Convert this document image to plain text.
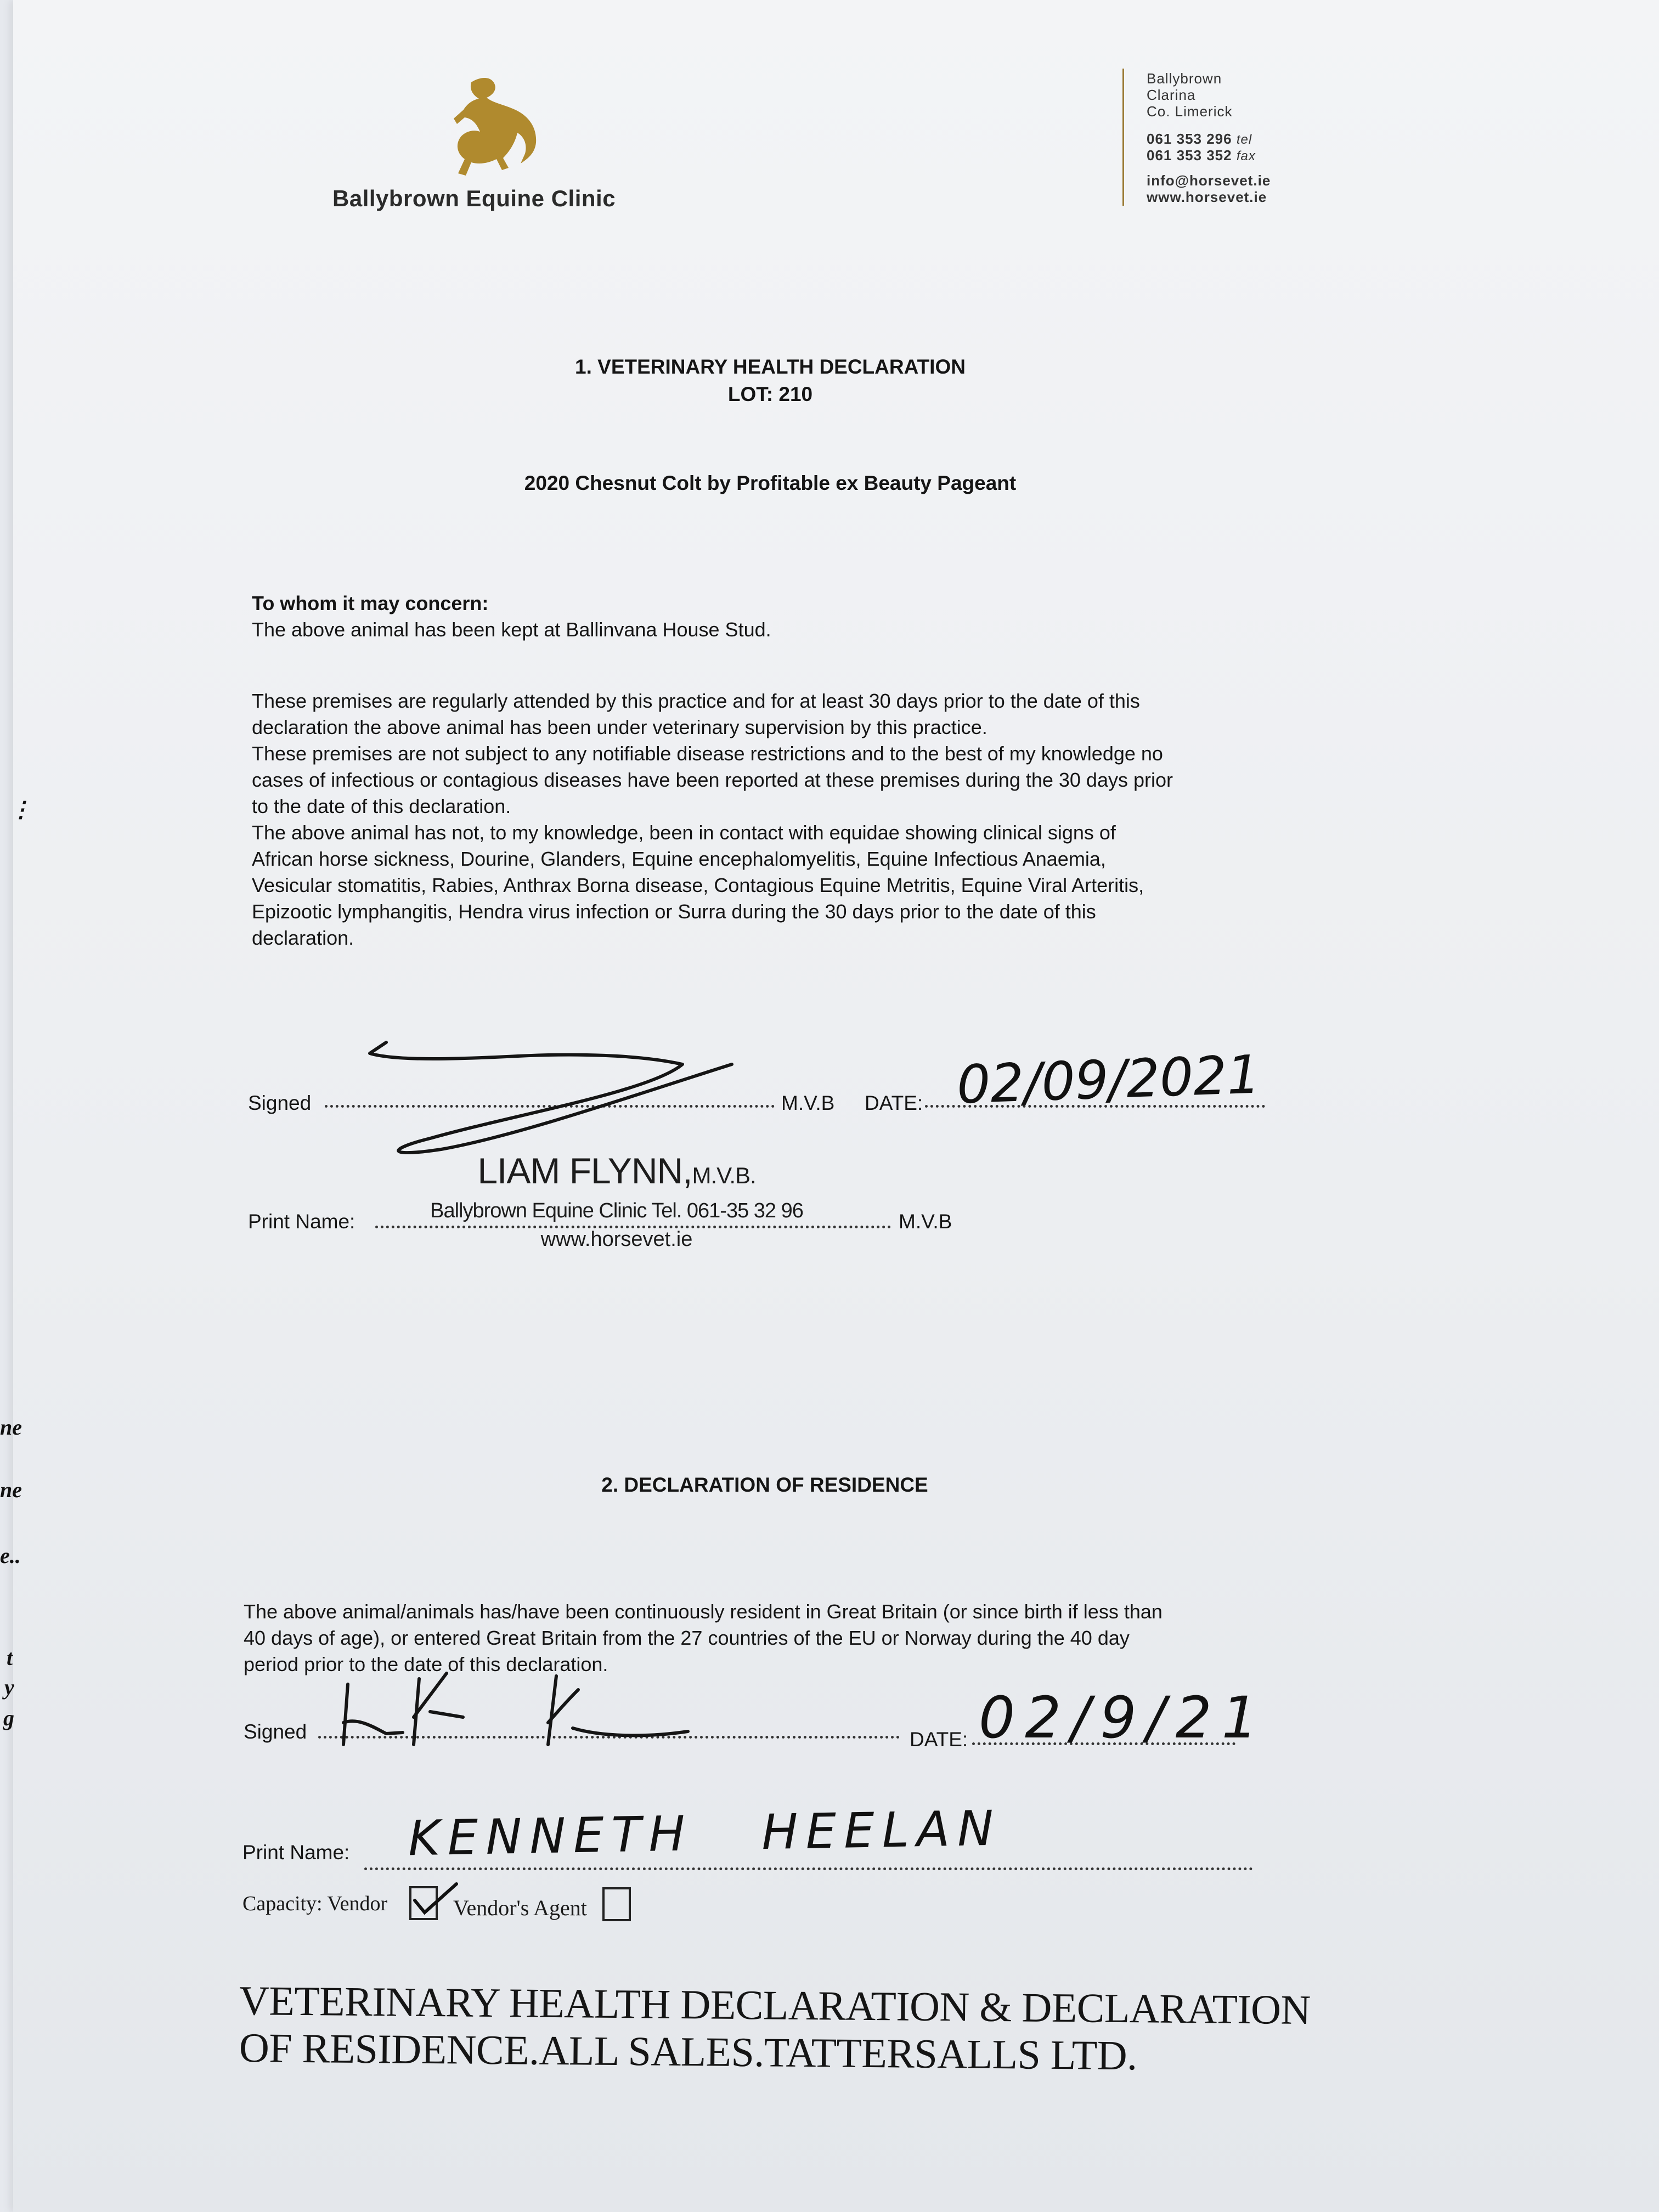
Ballybrown Equine Clinic
Ballybrown
Clarina
Co. Limerick
061 353 296 tel
061 353 352 fax
info@horsevet.ie
www.horsevet.ie
1. VETERINARY HEALTH DECLARATION
LOT: 210
2020 Chesnut Colt by Profitable ex Beauty Pageant
To whom it may concern:
The above animal has been kept at Ballinvana House Stud.
These premises are regularly attended by this practice and for at least 30 days prior to the date of this
declaration the above animal has been under veterinary supervision by this practice.
These premises are not subject to any notifiable disease restrictions and to the best of my knowledge no
cases of infectious or contagious diseases have been reported at these premises during the 30 days prior
to the date of this declaration.
The above animal has not, to my knowledge, been in contact with equidae showing clinical signs of
African horse sickness, Dourine, Glanders, Equine encephalomyelitis, Equine Infectious Anaemia,
Vesicular stomatitis, Rabies, Anthrax Borna disease, Contagious Equine Metritis, Equine Viral Arteritis,
Epizootic lymphangitis, Hendra virus infection or Surra during the 30 days prior to the date of this
declaration.
Signed	M.V.B DATE: 02/09/2021
LIAM FLYNN,M.V.B.
Ballybrown Equine Clinic Tel. 061-35 32 96
www.horsevet.ie
Print Name:	M.V.B
2. DECLARATION OF RESIDENCE
The above animal/animals has/have been continuously resident in Great Britain (or since birth if less than
40 days of age), or entered Great Britain from the 27 countries of the EU or Norway during the 40 day
period prior to the date of this declaration.
Signed	DATE: 02/9/21
Print Name: KENNETH   HEELAN
Capacity: Vendor	Vendor's Agent
VETERINARY HEALTH DECLARATION & DECLARATION
OF RESIDENCE.ALL SALES.TATTERSALLS LTD.
⋮
ne
ne
e..
t
y
g
